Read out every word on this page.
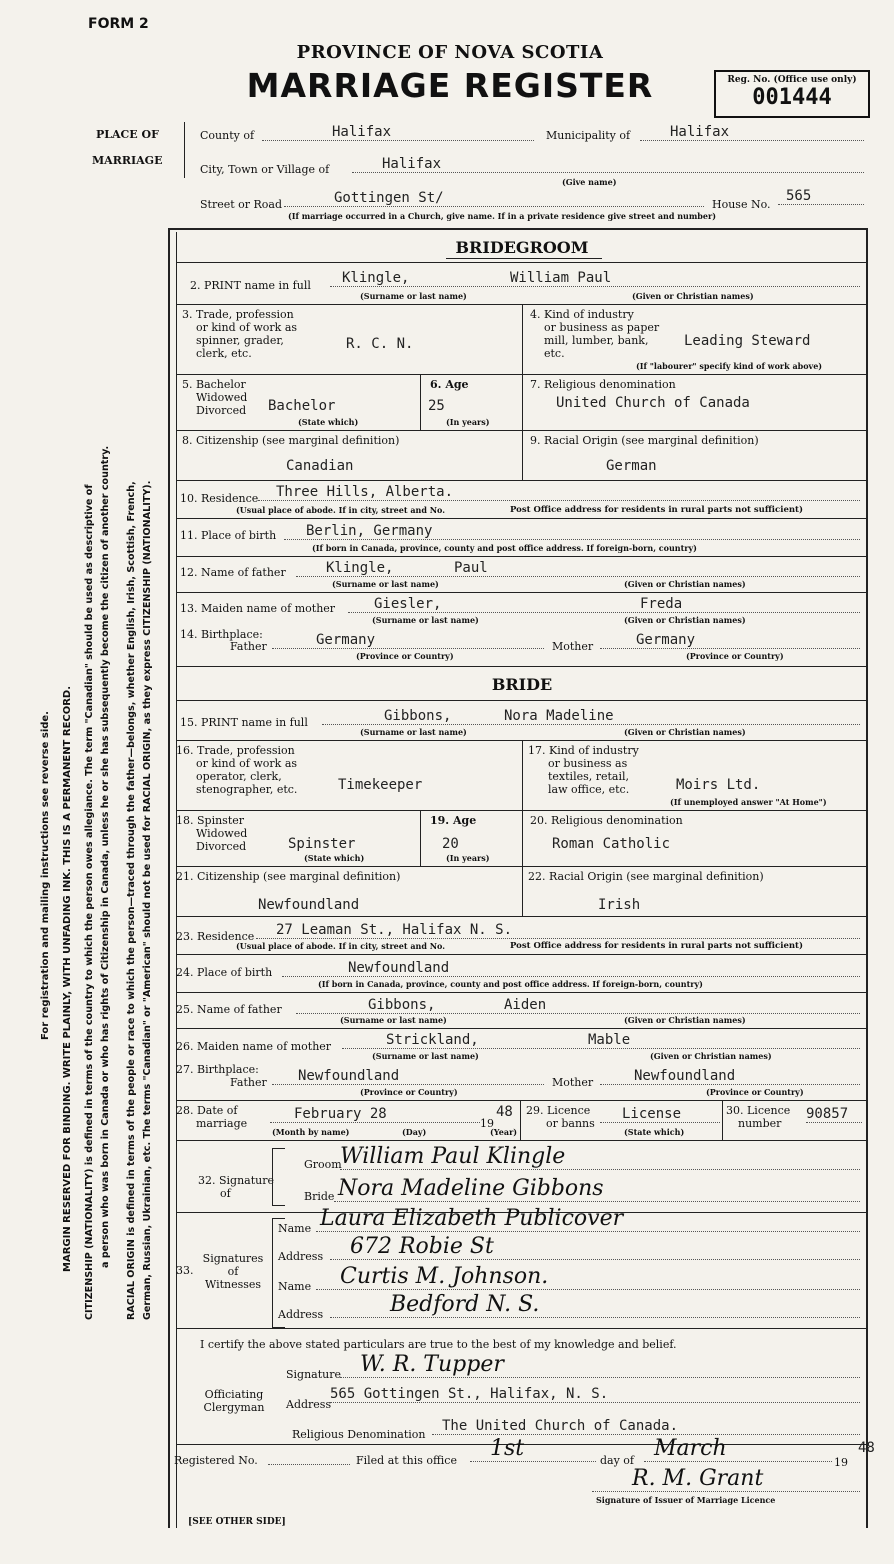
FORM 2
PROVINCE OF NOVA SCOTIA
MARRIAGE REGISTER	Reg. No. (Office use only)
001444
PLACE OF
MARRIAGE
County of	Halifax	Municipality of	Halifax
City, Town or Village of	Halifax
(Give name)
Street or Road	Gottingen St/	House No.
565
(If marriage occurred in a Church, give name. If in a private residence give street and number)
For registration and mailing instructions see reverse side. MARGIN RESERVED FOR BINDING. WRITE PLAINLY, WITH UNFADING INK. THIS IS A PERMANENT RECORD. CITIZENSHIP (NATIONALITY) is defined in terms of the country to which the person owes allegiance. The term "Canadian" should be used as descriptive of a person who was born in Canada or who has rights of Citizenship in Canada, unless he or she has subsequently become the citizen of another country. RACIAL ORIGIN is defined in terms of the people or race to which the person—traced through the father—belongs, whether English, Irish, Scottish, French, German, Russian, Ukrainian, etc. The terms "Canadian" or "American" should not be used for RACIAL ORIGIN, as they express CITIZENSHIP (NATIONALITY).
BRIDEGROOM
2. PRINT name in full	Klingle,	William Paul
(Surname or last name)	(Given or Christian names)
3. Trade, profession
or kind of work as
spinner, grader,
clerk, etc.
R. C. N.
4. Kind of industry
or business as paper
mill, lumber, bank,
etc.
Leading Steward
(If "labourer" specify kind of work above)
5. Bachelor
Widowed
Divorced Bachelor
(State which)
6. Age
25
(In years)
7. Religious denomination
United Church of Canada
8. Citizenship (see marginal definition)
Canadian
9. Racial Origin (see marginal definition)
German
10. Residence	Three Hills, Alberta.
(Usual place of abode. If in city, street and No.	Post Office address for residents in rural parts not sufficient)
11. Place of birth	Berlin, Germany
(If born in Canada, province, county and post office address. If foreign-born, country)
12. Name of father	Klingle,	Paul
(Surname or last name)	(Given or Christian names)
13. Maiden name of mother	Giesler,	Freda
(Surname or last name)	(Given or Christian names)
14. Birthplace:
Father	Germany
(Province or Country)
Mother	Germany
(Province or Country)
BRIDE
15. PRINT name in full	Gibbons,	Nora Madeline
(Surname or last name)	(Given or Christian names)
16. Trade, profession
or kind of work as
operator, clerk,
stenographer, etc.	Timekeeper
17. Kind of industry
or business as
textiles, retail,
law office, etc.	Moirs Ltd.
(If unemployed answer "At Home")
18. Spinster
Widowed
Divorced	Spinster
(State which)
19. Age
20
(In years)
20. Religious denomination
Roman Catholic
21. Citizenship (see marginal definition)
Newfoundland
22. Racial Origin (see marginal definition)
Irish
23. Residence	27 Leaman St., Halifax N. S.
(Usual place of abode. If in city, street and No.	Post Office address for residents in rural parts not sufficient)
24. Place of birth	Newfoundland
(If born in Canada, province, county and post office address. If foreign-born, country)
25. Name of father	Gibbons,	Aiden
(Surname or last name)	(Given or Christian names)
26. Maiden name of mother	Strickland,	Mable
(Surname or last name)	(Given or Christian names)
27. Birthplace:
Father	Newfoundland
(Province or Country)
Mother	Newfoundland
(Province or Country)
28. Date of
marriage
February 28
19
48
(Month by name)	(Day)	(Year)
29. Licence
or banns
License
(State which)
30. Licence
number
90857
32. Signature
of
Groom
William Paul Klingle
Bride Nora Madeline Gibbons
33.
Signatures
of
Witnesses
Name Laura Elizabeth Publicover
Address	672 Robie St
Name	Curtis M. Johnson.
Address	Bedford N. S.
I certify the above stated particulars are true to the best of my knowledge and belief.
Signature W. R. Tupper
Officiating
Clergyman	Address
565 Gottingen St., Halifax, N. S.
Religious Denomination
The United Church of Canada.
Registered No.	Filed at this office	1st	day of March
19
48
R. M. Grant
Signature of Issuer of Marriage Licence
[SEE OTHER SIDE]
